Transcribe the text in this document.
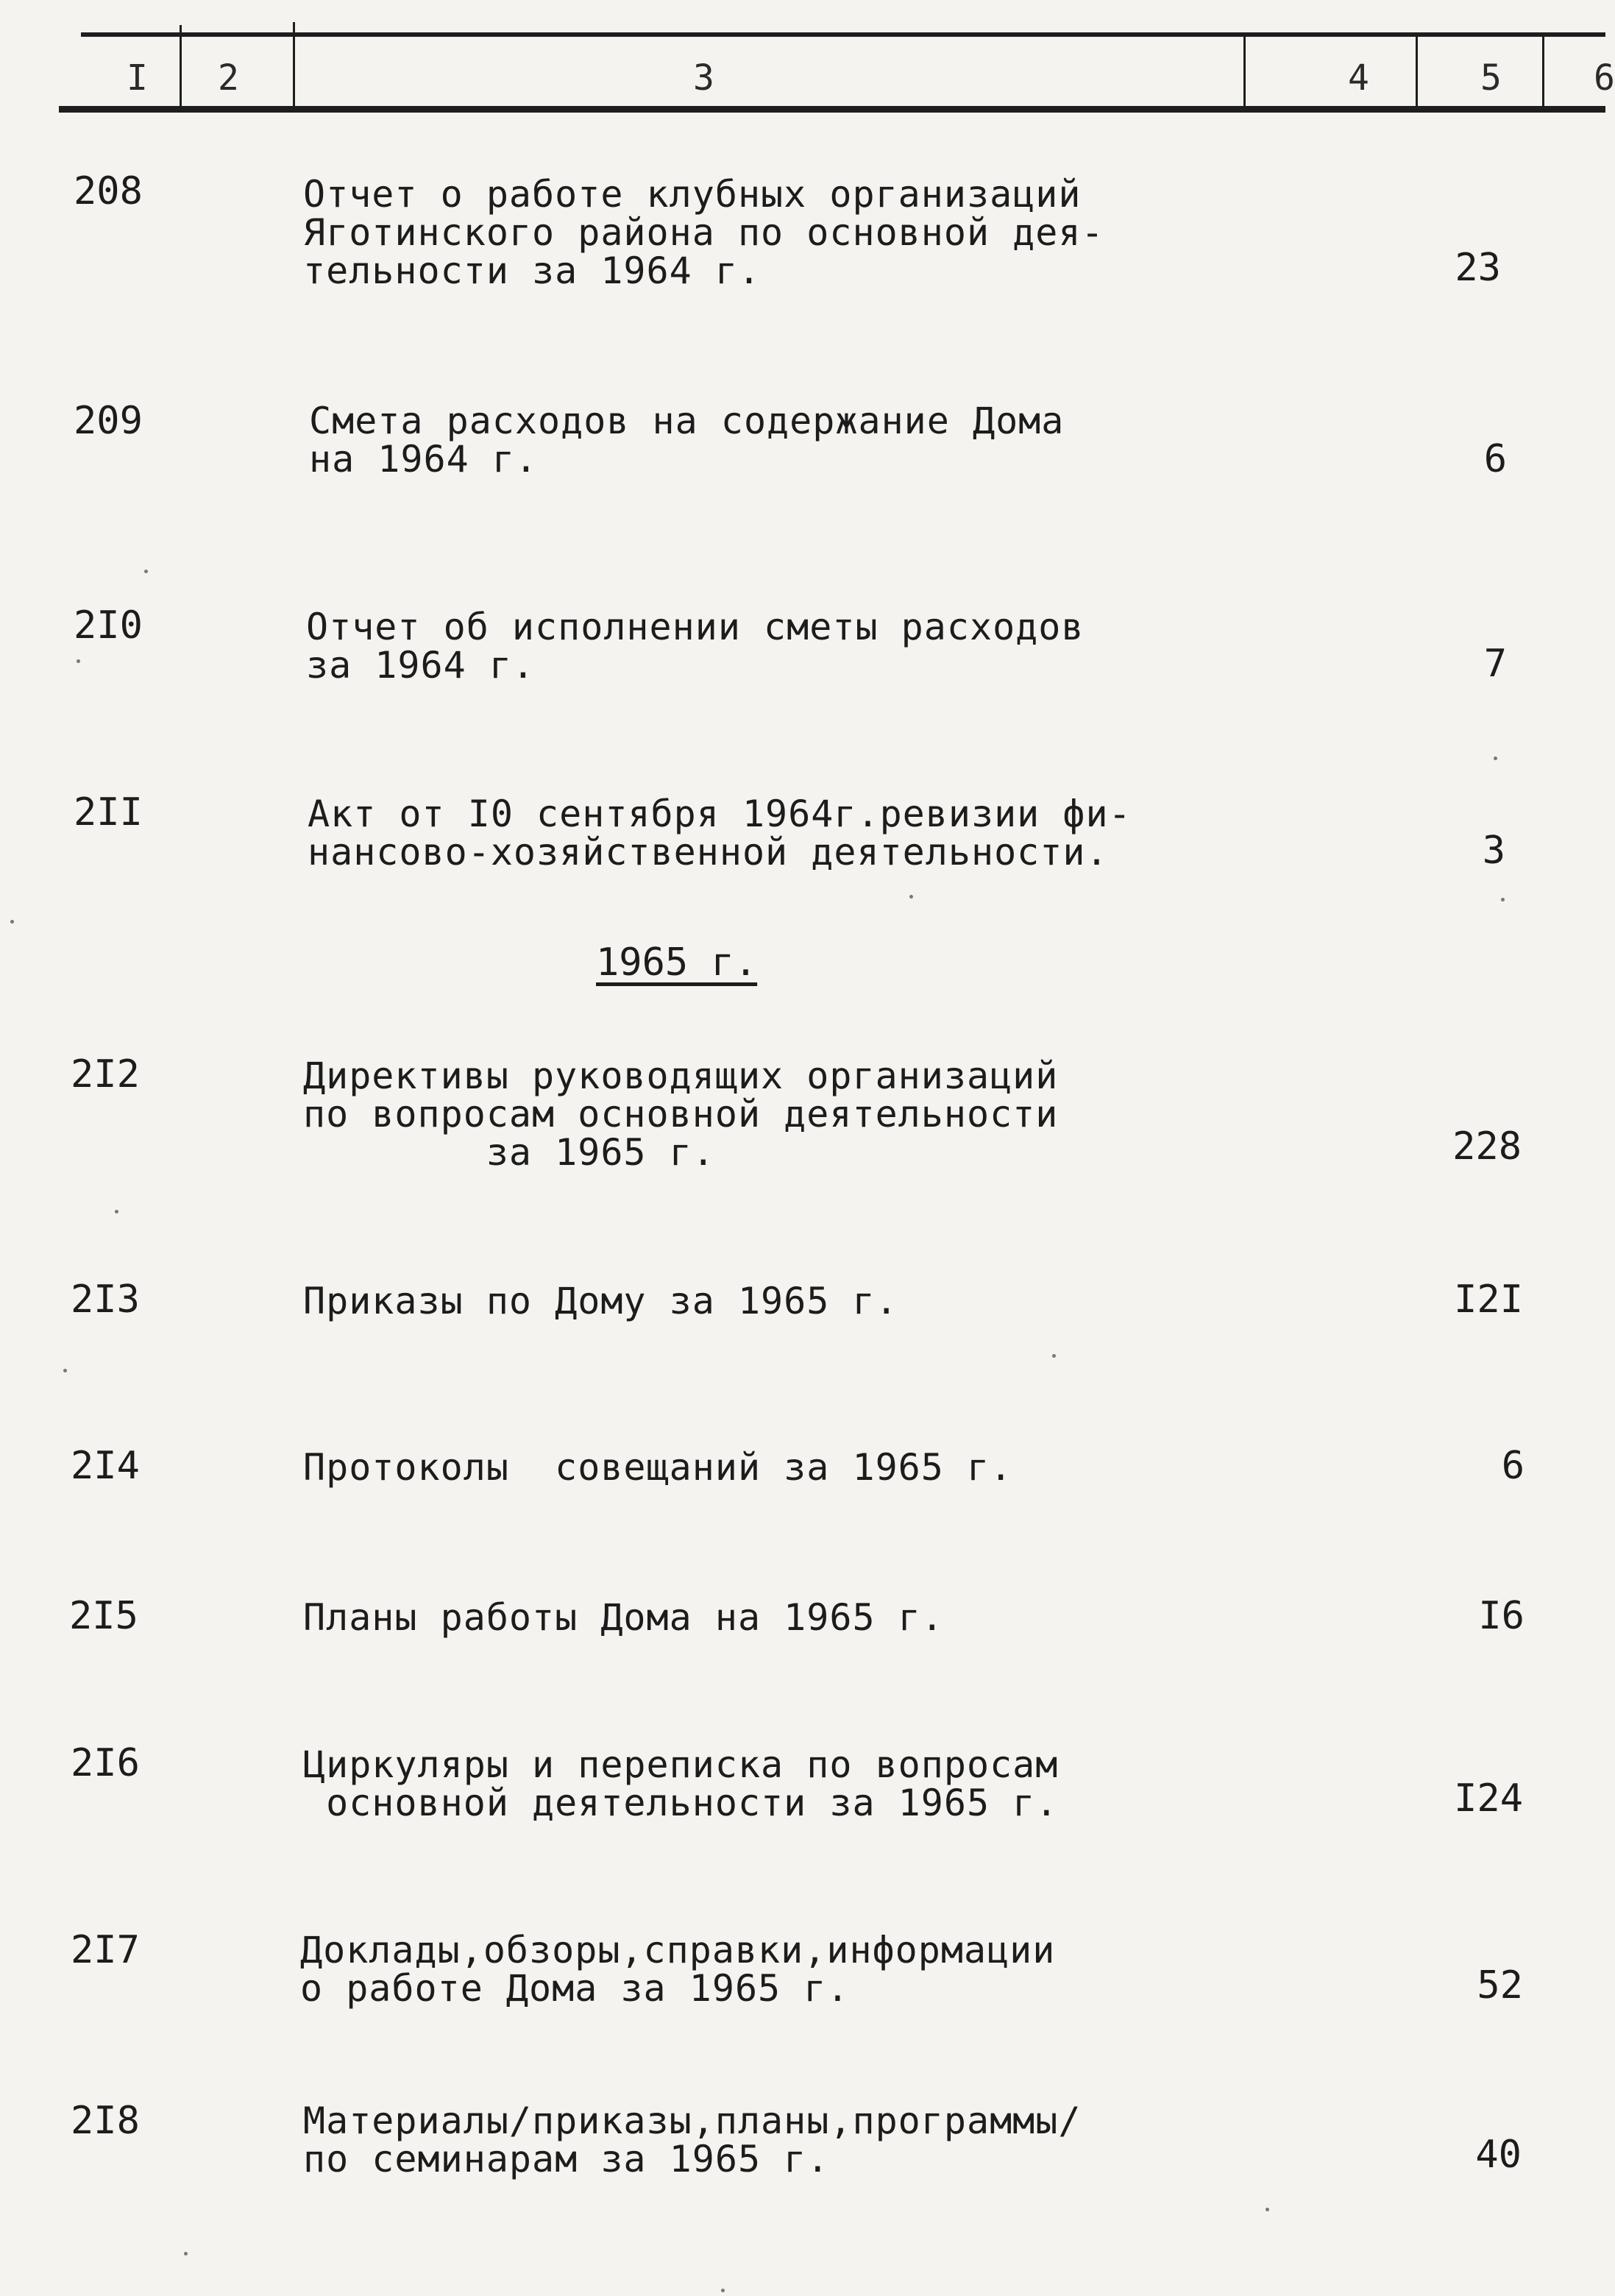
I 2	3	4	5	6
208	Отчет о работе клубных организаций
Яготинского района по основной дея-
тельности за 1964 г.	23
209	Смета расходов на содержание Дома
на 1964 г.	6
2I0	Отчет об исполнении сметы расходов
за 1964 г.	7
2II	Акт от I0 сентября 1964г.ревизии фи-
нансово-хозяйственной деятельности.	3
1965 г.
2I2	Директивы руководящих организаций
по вопросам основной деятельности
за 1965 г.	228
2I3	Приказы по Дому за 1965 г.	I2I
2I4	Протоколы  совещаний за 1965 г.	6
2I5	Планы работы Дома на 1965 г.	I6
2I6	Циркуляры и переписка по вопросам
основной деятельности за 1965 г.	I24
2I7	Доклады,обзоры,справки,информации
о работе Дома за 1965 г.	52
2I8	Материалы/приказы,планы,программы/
по семинарам за 1965 г.	40
